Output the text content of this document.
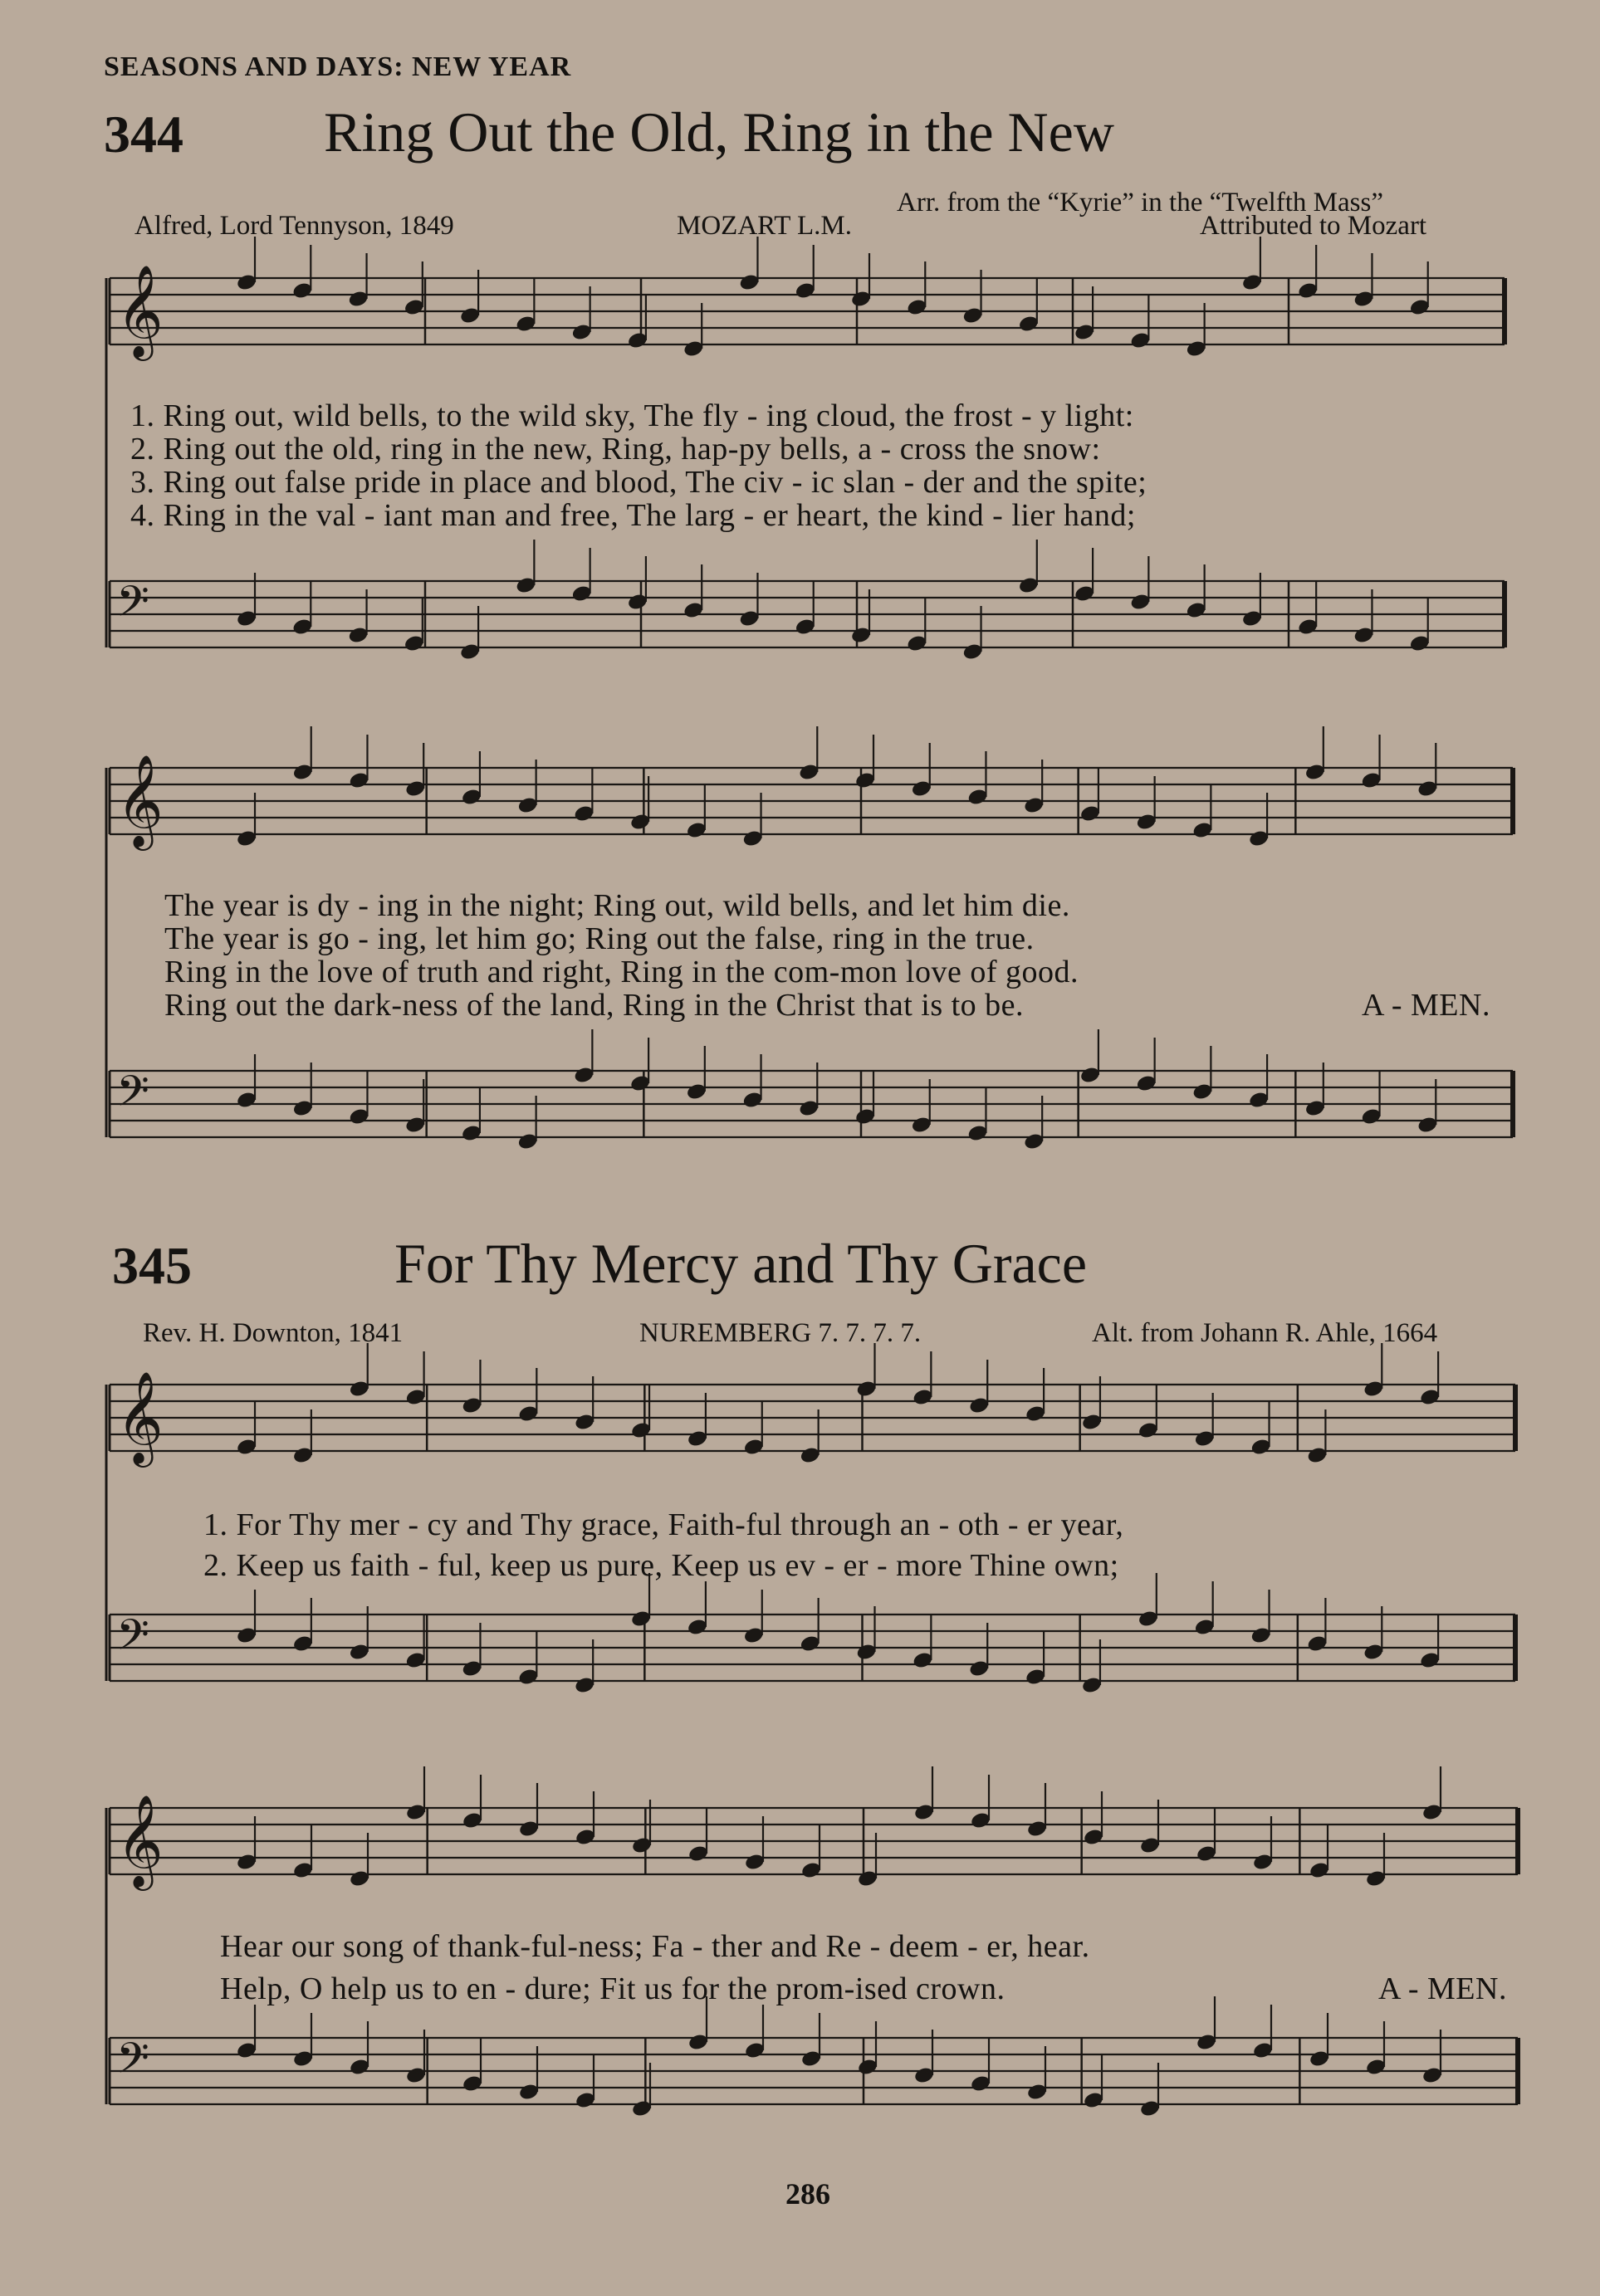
𝄞
𝄢
𝄞
𝄢
𝄞
𝄢
𝄞
𝄢
SEASONS AND DAYS: NEW YEAR
344 Ring Out the Old, Ring in the New
Arr. from the “Kyrie” in the “Twelfth Mass”
Alfred, Lord Tennyson, 1849	MOZART L.M.	Attributed to Mozart
1. Ring out, wild bells, to the wild sky, The fly - ing cloud, the frost - y light:
2. Ring out the old, ring in the new, Ring, hap-py bells, a - cross the snow:
3. Ring out false pride in place and blood, The civ - ic slan - der and the spite;
4. Ring in the val - iant man and free, The larg - er heart, the kind - lier hand;
The year is dy - ing in the night; Ring out, wild bells, and let him die.
The year is go - ing, let him go; Ring out the false, ring in the true.
Ring in the love of truth and right, Ring in the com-mon love of good.
Ring out the dark-ness of the land, Ring in the Christ that is to be.	A - MEN.
345	For Thy Mercy and Thy Grace
Rev. H. Downton, 1841	NUREMBERG 7. 7. 7. 7.	Alt. from Johann R. Ahle, 1664
1. For Thy mer - cy and Thy grace, Faith-ful through an - oth - er year,
2. Keep us faith - ful, keep us pure, Keep us ev - er - more Thine own;
Hear our song of thank-ful-ness; Fa - ther and Re - deem - er, hear.
Help, O help us to en - dure; Fit us for the prom-ised crown.	A - MEN.
286
